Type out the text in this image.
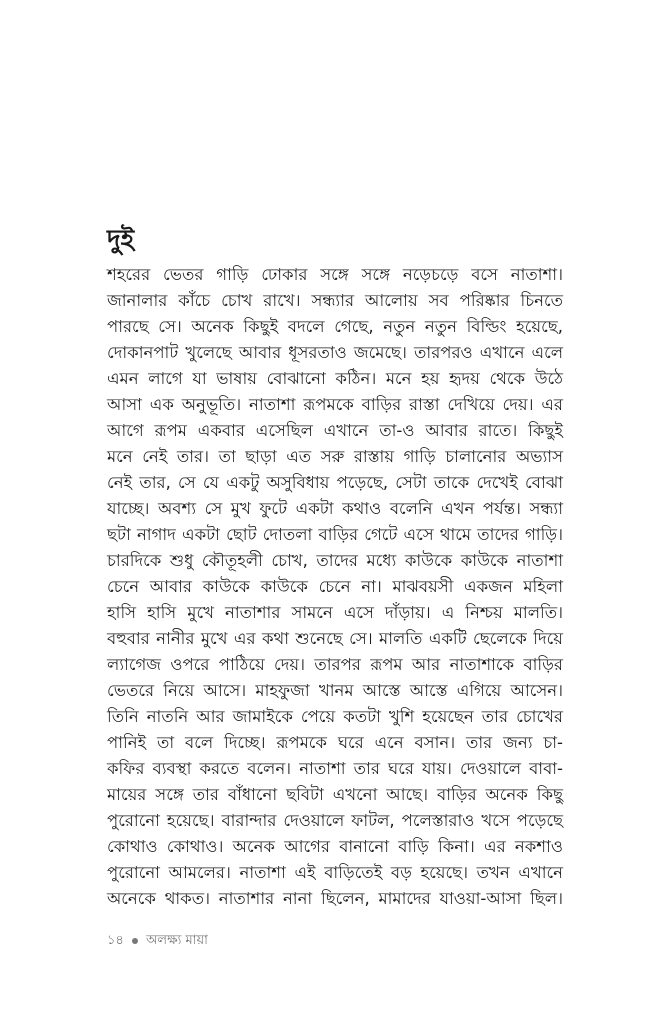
দুই
শহরের ভেতর গাড়ি ঢোকার সঙ্গে সঙ্গে নড়েচড়ে বসে নাতাশা।
জানালার কাঁচে চোখ রাখে। সন্ধ্যার আলোয় সব পরিষ্কার চিনতে
পারছে সে। অনেক কিছুই বদলে গেছে, নতুন নতুন বিল্ডিং হয়েছে,
দোকানপাট খুলেছে আবার ধূসরতাও জমেছে। তারপরও এখানে এলে
এমন লাগে যা ভাষায় বোঝানো কঠিন। মনে হয় হৃদয় থেকে উঠে
আসা এক অনুভূতি। নাতাশা রূপমকে বাড়ির রাস্তা দেখিয়ে দেয়। এর
আগে রূপম একবার এসেছিল এখানে তা-ও আবার রাতে। কিছুই
মনে নেই তার। তা ছাড়া এত সরু রাস্তায় গাড়ি চালানোর অভ্যাস
নেই তার, সে যে একটু অসুবিধায় পড়েছে, সেটা তাকে দেখেই বোঝা
যাচ্ছে। অবশ্য সে মুখ ফুটে একটা কথাও বলেনি এখন পর্যন্ত। সন্ধ্যা
ছটা নাগাদ একটা ছোট দোতলা বাড়ির গেটে এসে থামে তাদের গাড়ি।
চারদিকে শুধু কৌতূহলী চোখ, তাদের মধ্যে কাউকে কাউকে নাতাশা
চেনে আবার কাউকে কাউকে চেনে না। মাঝবয়সী একজন মহিলা
হাসি হাসি মুখে নাতাশার সামনে এসে দাঁড়ায়। এ নিশ্চয় মালতি।
বহুবার নানীর মুখে এর কথা শুনেছে সে। মালতি একটি ছেলেকে দিয়ে
ল্যাগেজ ওপরে পাঠিয়ে দেয়। তারপর রূপম আর নাতাশাকে বাড়ির
ভেতরে নিয়ে আসে। মাহফুজা খানম আস্তে আস্তে এগিয়ে আসেন।
তিনি নাতনি আর জামাইকে পেয়ে কতটা খুশি হয়েছেন তার চোখের
পানিই তা বলে দিচ্ছে। রূপমকে ঘরে এনে বসান। তার জন্য চা-
কফির ব্যবস্থা করতে বলেন। নাতাশা তার ঘরে যায়। দেওয়ালে বাবা-
মায়ের সঙ্গে তার বাঁধানো ছবিটা এখনো আছে। বাড়ির অনেক কিছু
পুরোনো হয়েছে। বারান্দার দেওয়ালে ফাটল, পলেস্তারাও খসে পড়েছে
কোথাও কোথাও। অনেক আগের বানানো বাড়ি কিনা। এর নকশাও
পুরোনো আমলের। নাতাশা এই বাড়িতেই বড় হয়েছে। তখন এখানে
অনেকে থাকত। নাতাশার নানা ছিলেন, মামাদের যাওয়া-আসা ছিল।
১৪ অলক্ষ্য মায়া
